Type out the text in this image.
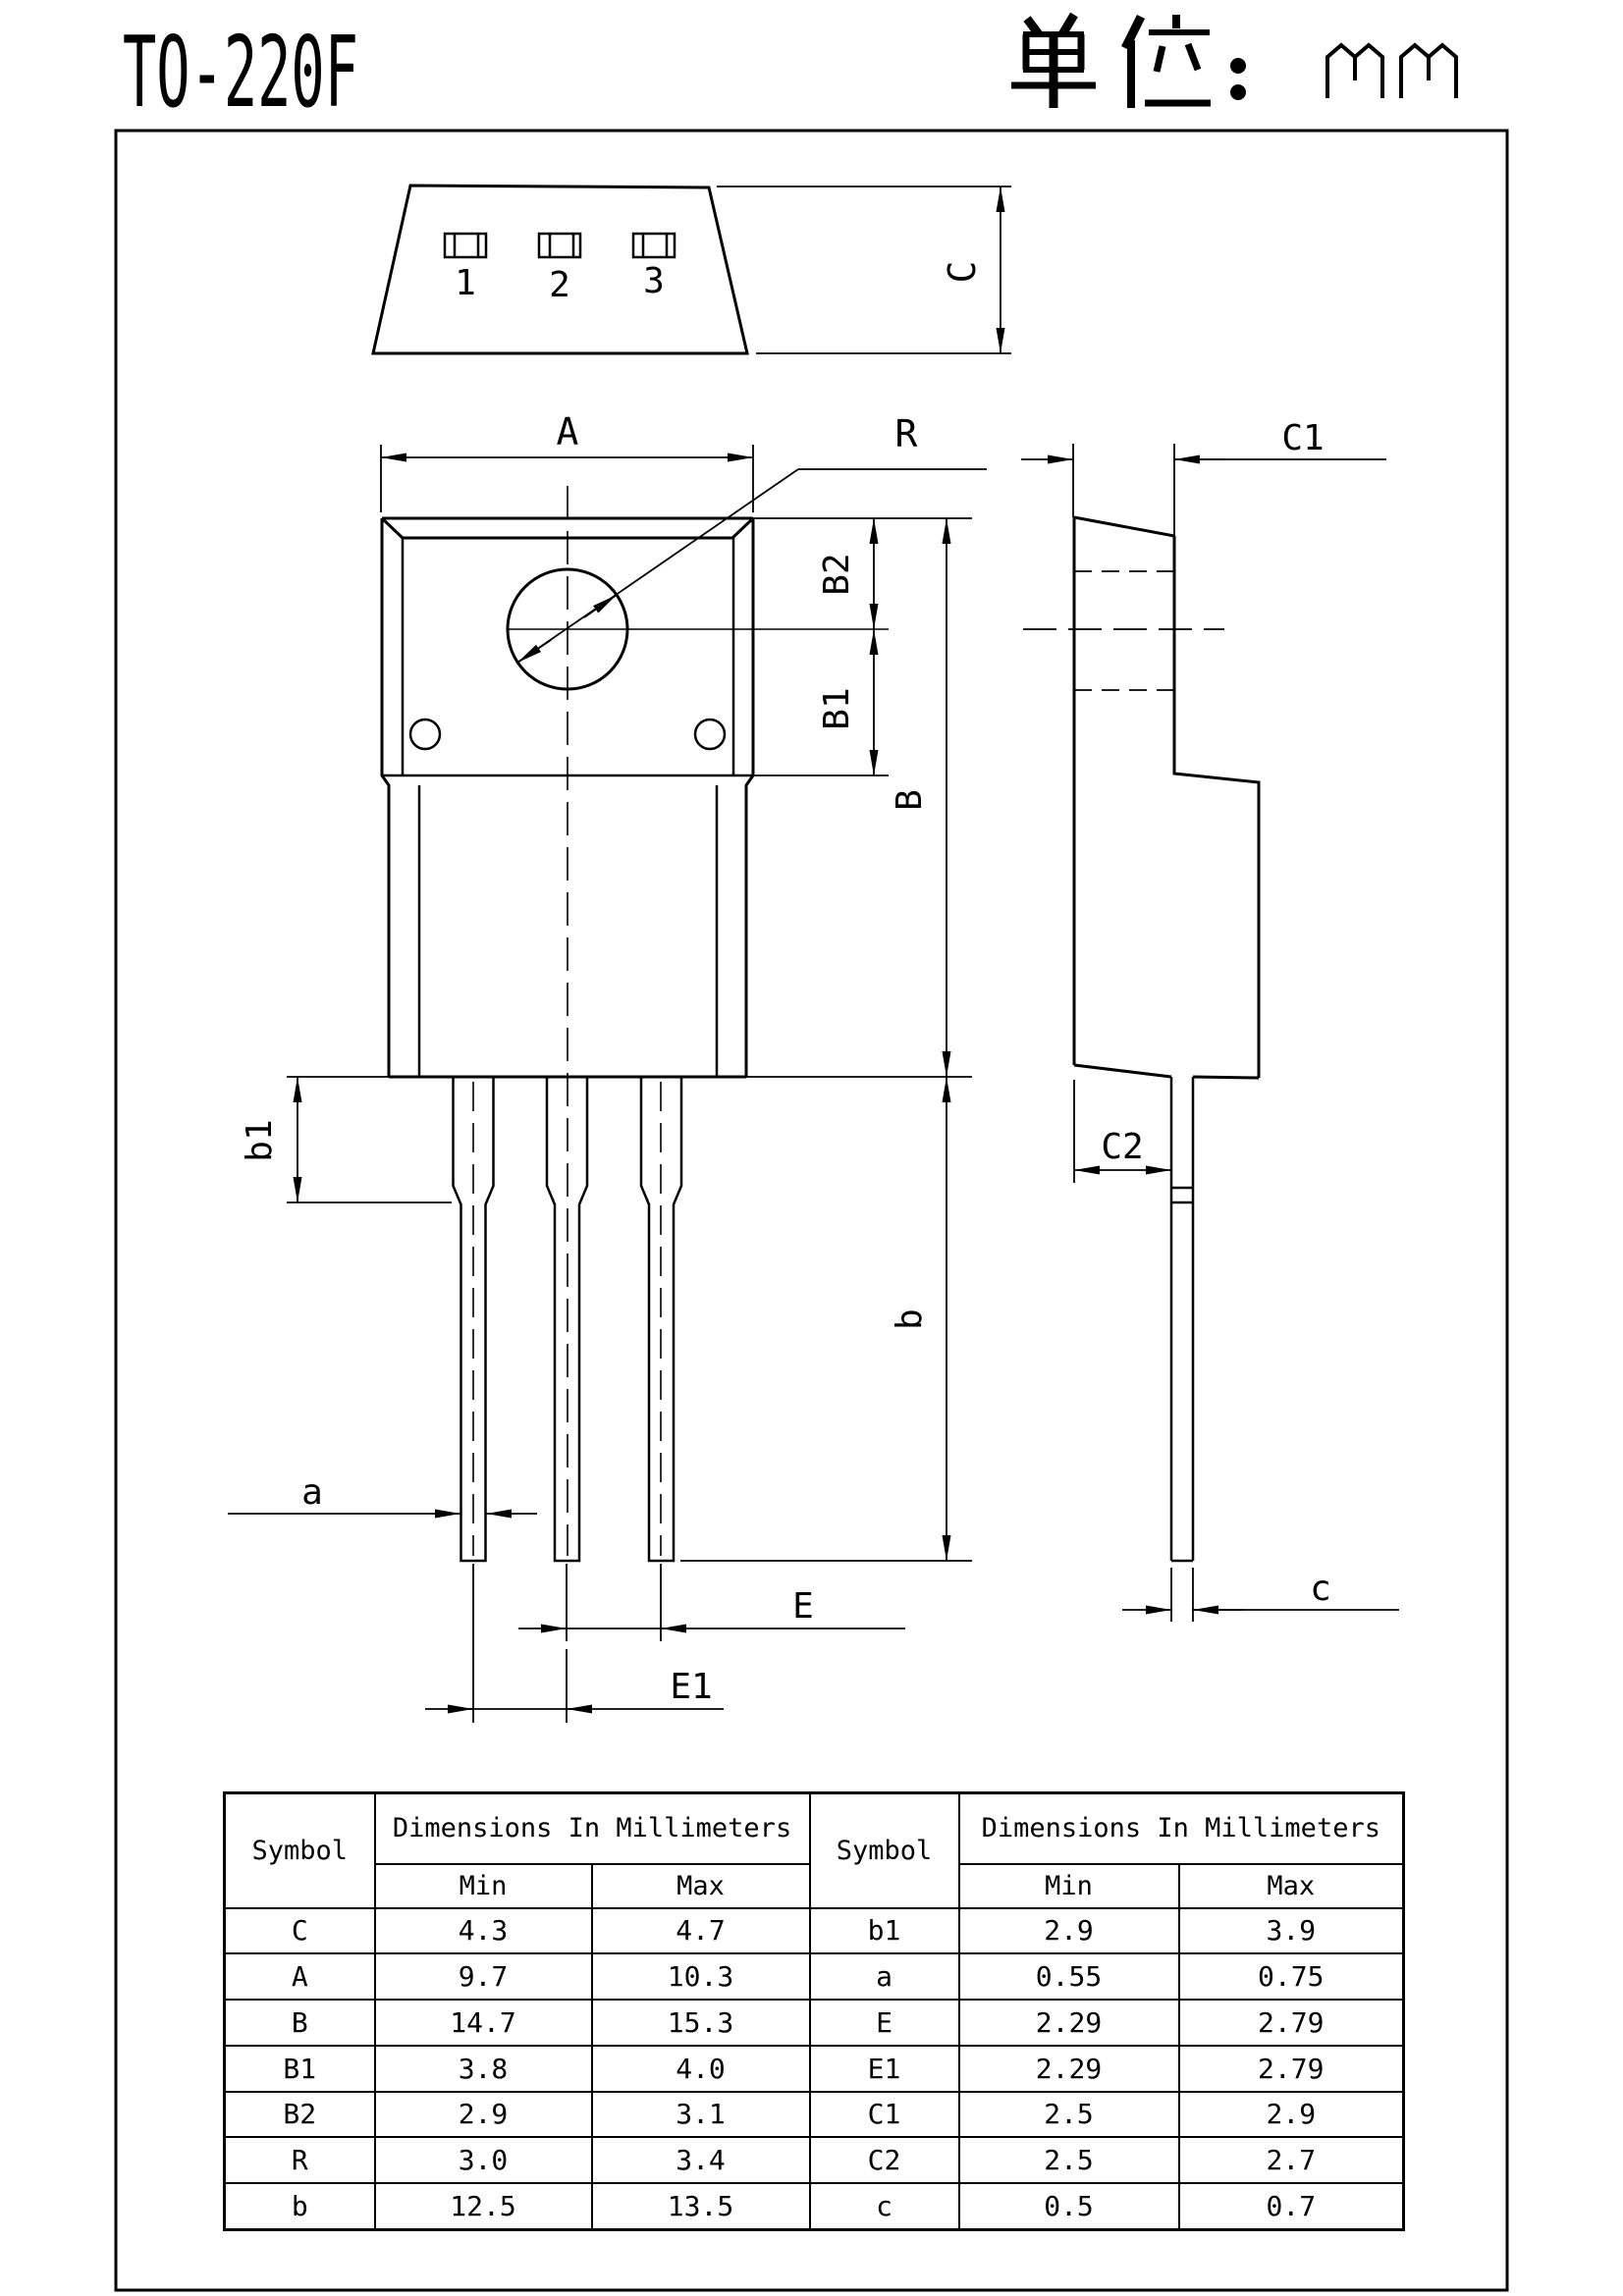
TO-220F
1 2 3	C
A	R
B2
B1
B
b
b1
a
E
E1
C1
C2
c
Symbol	Dimensions In Millimeters		Symbol	Dimensions In Millimeters	
	Min	Max		Min	Max
C	4.3	4.7	b1	2.9	3.9
A	9.7	10.3	a	0.55	0.75
B	14.7	15.3	E	2.29	2.79
B1	3.8	4.0	E1	2.29	2.79
B2	2.9	3.1	C1	2.5	2.9
R	3.0	3.4	C2	2.5	2.7
b	12.5	13.5	c	0.5	0.7
